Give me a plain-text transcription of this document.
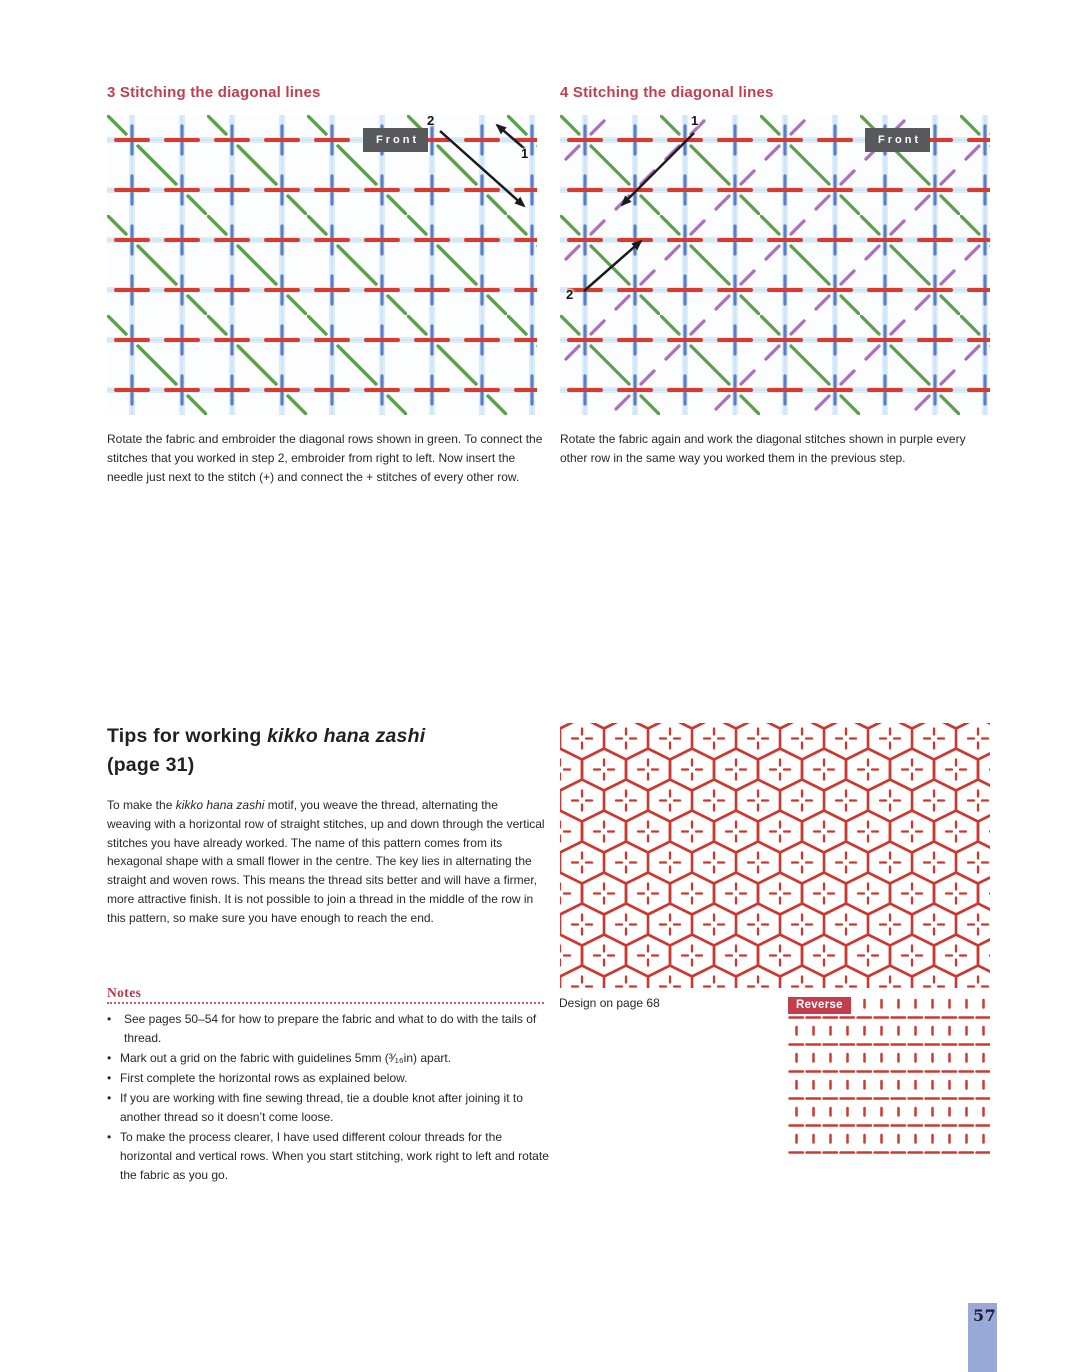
3 Stitching the diagonal lines	4 Stitching the diagonal lines
2
1
Front
1
2
Front
Rotate the fabric and embroider the diagonal rows shown in green. To connect the stitches that you worked in step 2, embroider from right to left. Now insert the needle just next to the stitch (+) and connect the + stitches of every other row.
Rotate the fabric again and work the diagonal stitches shown in purple every other row in the same way you worked them in the previous step.
Tips for working kikko hana zashi
(page 31)
To make the kikko hana zashi motif, you weave the thread, alternating the weaving with a horizontal row of straight stitches, up and down through the vertical stitches you have already worked. The name of this pattern comes from its hexagonal shape with a small flower in the centre. The key lies in alternating the straight and woven rows. This means the thread sits better and will have a firmer, more attractive finish. It is not possible to join a thread in the middle of the row in this pattern, so make sure you have enough to reach the end.
Notes
• See pages 50–54 for how to prepare the fabric and what to do with the tails of thread.
• Mark out a grid on the fabric with guidelines 5mm (³⁄₁₆in) apart.
• First complete the horizontal rows as explained below.
• If you are working with fine sewing thread, tie a double knot after joining it to another thread so it doesn’t come loose.
• To make the process clearer, I have used different colour threads for the horizontal and vertical rows. When you start stitching, work right to left and rotate the fabric as you go.
Design on page 68	Reverse
57
